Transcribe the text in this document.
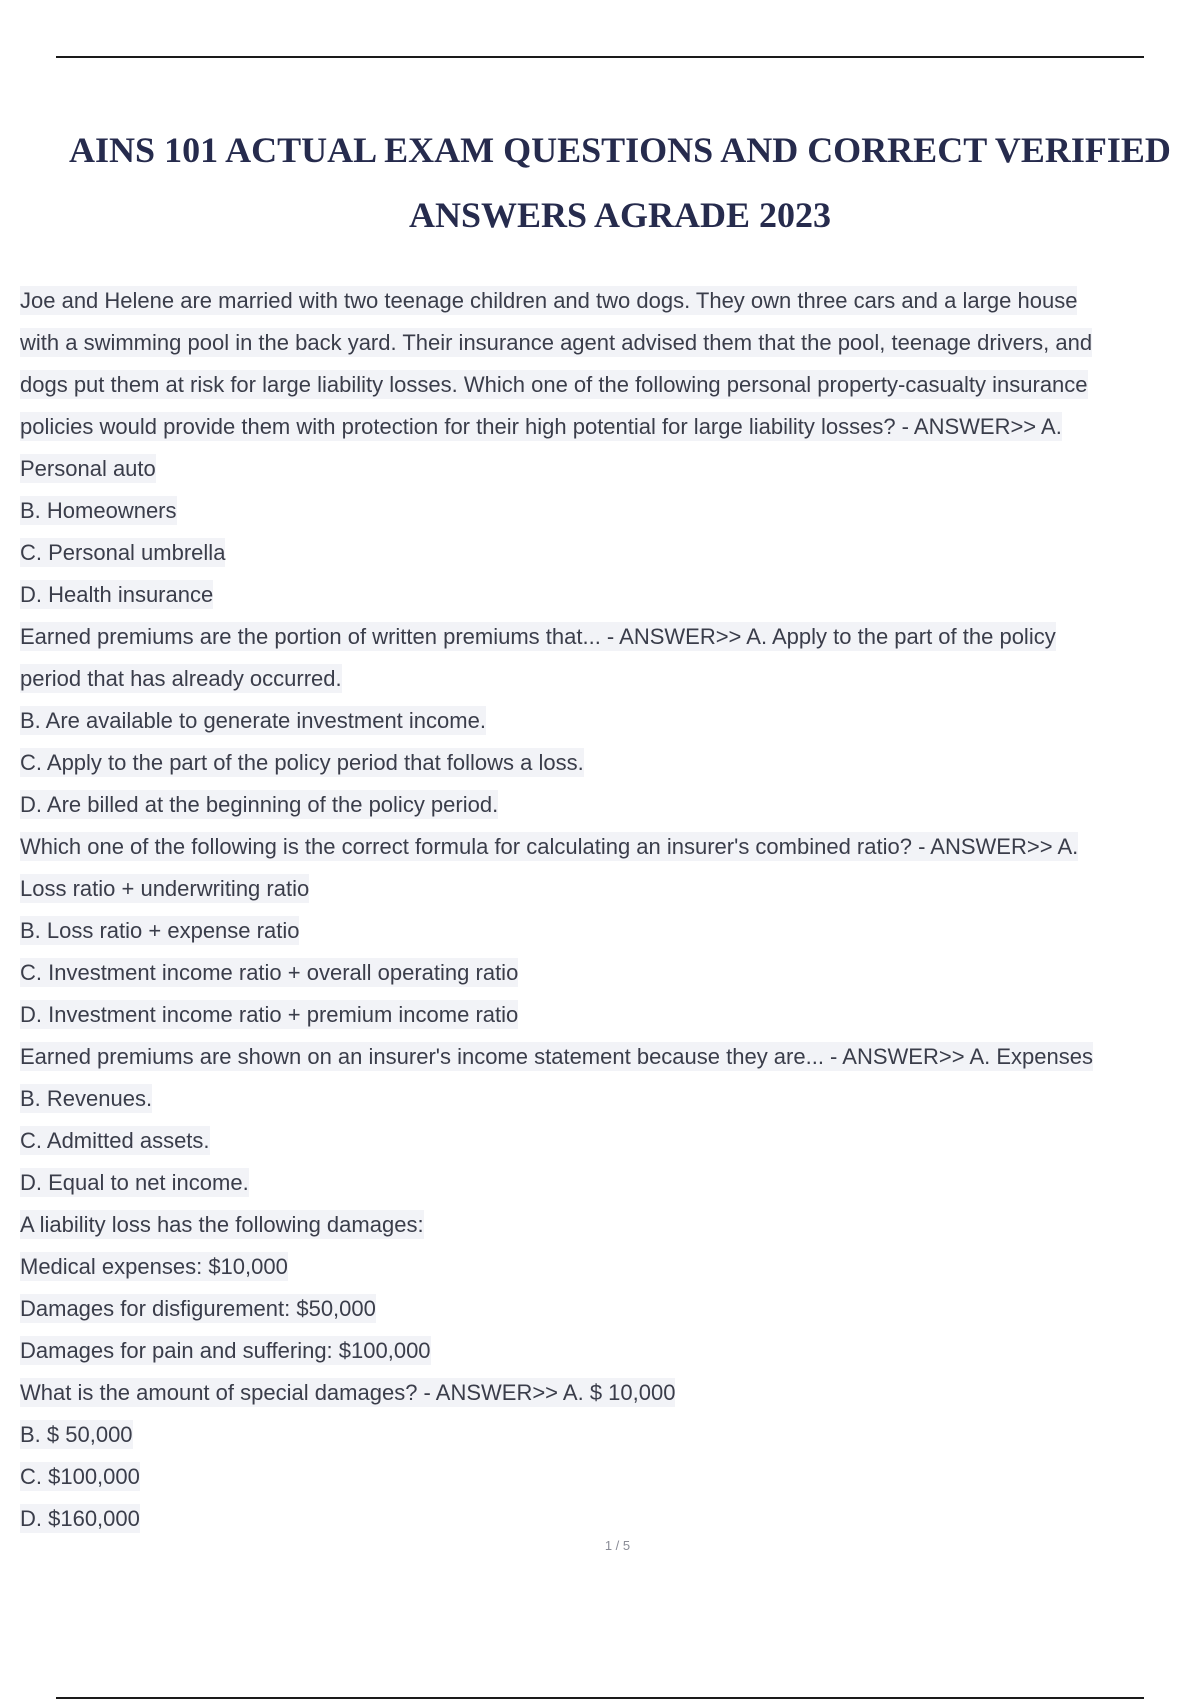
AINS 101 ACTUAL EXAM QUESTIONS AND CORRECT VERIFIED
ANSWERS AGRADE 2023
Joe and Helene are married with two teenage children and two dogs. They own three cars and a large house
with a swimming pool in the back yard. Their insurance agent advised them that the pool, teenage drivers, and
dogs put them at risk for large liability losses. Which one of the following personal property-casualty insurance
policies would provide them with protection for their high potential for large liability losses? - ANSWER>> A.
Personal auto
B. Homeowners
C. Personal umbrella
D. Health insurance
Earned premiums are the portion of written premiums that... - ANSWER>> A. Apply to the part of the policy
period that has already occurred.
B. Are available to generate investment income.
C. Apply to the part of the policy period that follows a loss.
D. Are billed at the beginning of the policy period.
Which one of the following is the correct formula for calculating an insurer's combined ratio? - ANSWER>> A.
Loss ratio + underwriting ratio
B. Loss ratio + expense ratio
C. Investment income ratio + overall operating ratio
D. Investment income ratio + premium income ratio
Earned premiums are shown on an insurer's income statement because they are... - ANSWER>> A. Expenses
B. Revenues.
C. Admitted assets.
D. Equal to net income.
A liability loss has the following damages:
Medical expenses: $10,000
Damages for disfigurement: $50,000
Damages for pain and suffering: $100,000
What is the amount of special damages? - ANSWER>> A. $ 10,000
B. $ 50,000
C. $100,000
D. $160,000
1 / 5
